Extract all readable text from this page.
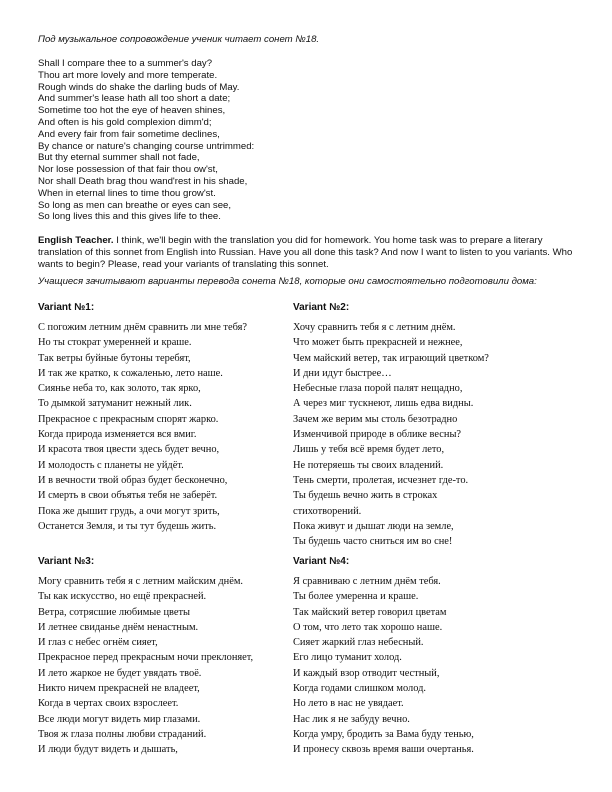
Под музыкальное сопровождение ученик читает сонет №18.
Shall I compare thee to a summer's day?
Thou art more lovely and more temperate.
Rough winds do shake the darling buds of May.
And summer's lease hath all too short a date;
Sometime too hot the eye of heaven shines,
And often is his gold complexion dimm'd;
And every fair from fair sometime declines,
By chance or nature's changing course untrimmed:
But thy eternal summer shall not fade,
Nor lose possession of that fair thou ow'st,
Nor shall Death brag thou wand'rest in his shade,
When in eternal lines to time thou grow'st.
So long as men can breathe or eyes can see,
So long lives this and this gives life to thee.
English Teacher. I think, we'll begin with the translation you did for homework. You home task was to prepare a literary translation of this sonnet from English into Russian. Have you all done this task? And now I want to listen to you variants. Who wants to begin? Please, read your variants of translating this sonnet.
Учащиеся зачитывают варианты перевода сонета №18, которые они самостоятельно подготовили дома:
Variant №1:
С погожим летним днём сравнить ли мне тебя?
Но ты стократ умеренней и краше.
Так ветры буйные бутоны теребят,
И так же кратко, к сожаленью, лето наше.
Сияньe неба то, как золото, так ярко,
То дымкой затуманит нежный лик.
Прекрасное с прекрасным спорят жарко.
Когда природа изменяется вся вмиг.
И красота твоя цвести здесь будет вечно,
И молодость с планеты не уйдёт.
И в вечности твой образ будет бесконечно,
И смерть в свои объятья тебя не заберёт.
Пока же дышит грудь, а очи могут зрить,
Останется Земля, и ты тут будешь жить.
Variant №2:
Хочу сравнить тебя я с летним днём.
Что может быть прекрасней и нежнее,
Чем майский ветер, так играющий цветком?
И дни идут быстрее…
Небесные глаза порой палят нещадно,
А через миг тускнеют, лишь едва видны.
Зачем же верим мы столь безотрадно
Изменчивой природе в облике весны?
Лишь у тебя всё время будет лето,
Не потеряешь ты своих владений.
Тень смерти, пролетая, исчезнет где-то.
Ты будешь вечно жить в строках
стихотворений.
Пока живут и дышат люди на земле,
Ты будешь часто сниться им во сне!
Variant №3:
Могу сравнить тебя я с летним майским днём.
Ты как искусство, но ещё прекрасней.
Ветра, сотрясшие любимые цветы
И летнее свиданье днём ненастным.
И глаз с небес огнём сияет,
Прекрасное перед прекрасным ночи преклоняет,
И лето жаркое не будет увядать твоё.
Никто ничем прекрасней не владеет,
Когда в чертах своих взрослеет.
Все люди могут видеть мир глазами.
Твоя ж глаза полны любви страданий.
И люди будут видеть и дышать,
Variant №4:
Я сравниваю с летним днём тебя.
Ты более умеренна и краше.
Так майский ветер говорил цветам
О том, что лето так хорошо наше.
Сияет жаркий глаз небесный.
Его лицо туманит холод.
И каждый взор отводит честный,
Когда годами слишком молод.
Но лето в нас не увядает.
Нас лик я не забуду вечно.
Когда умру, бродить за Вама буду тенью,
И пронесу сквозь время ваши очертанья.
